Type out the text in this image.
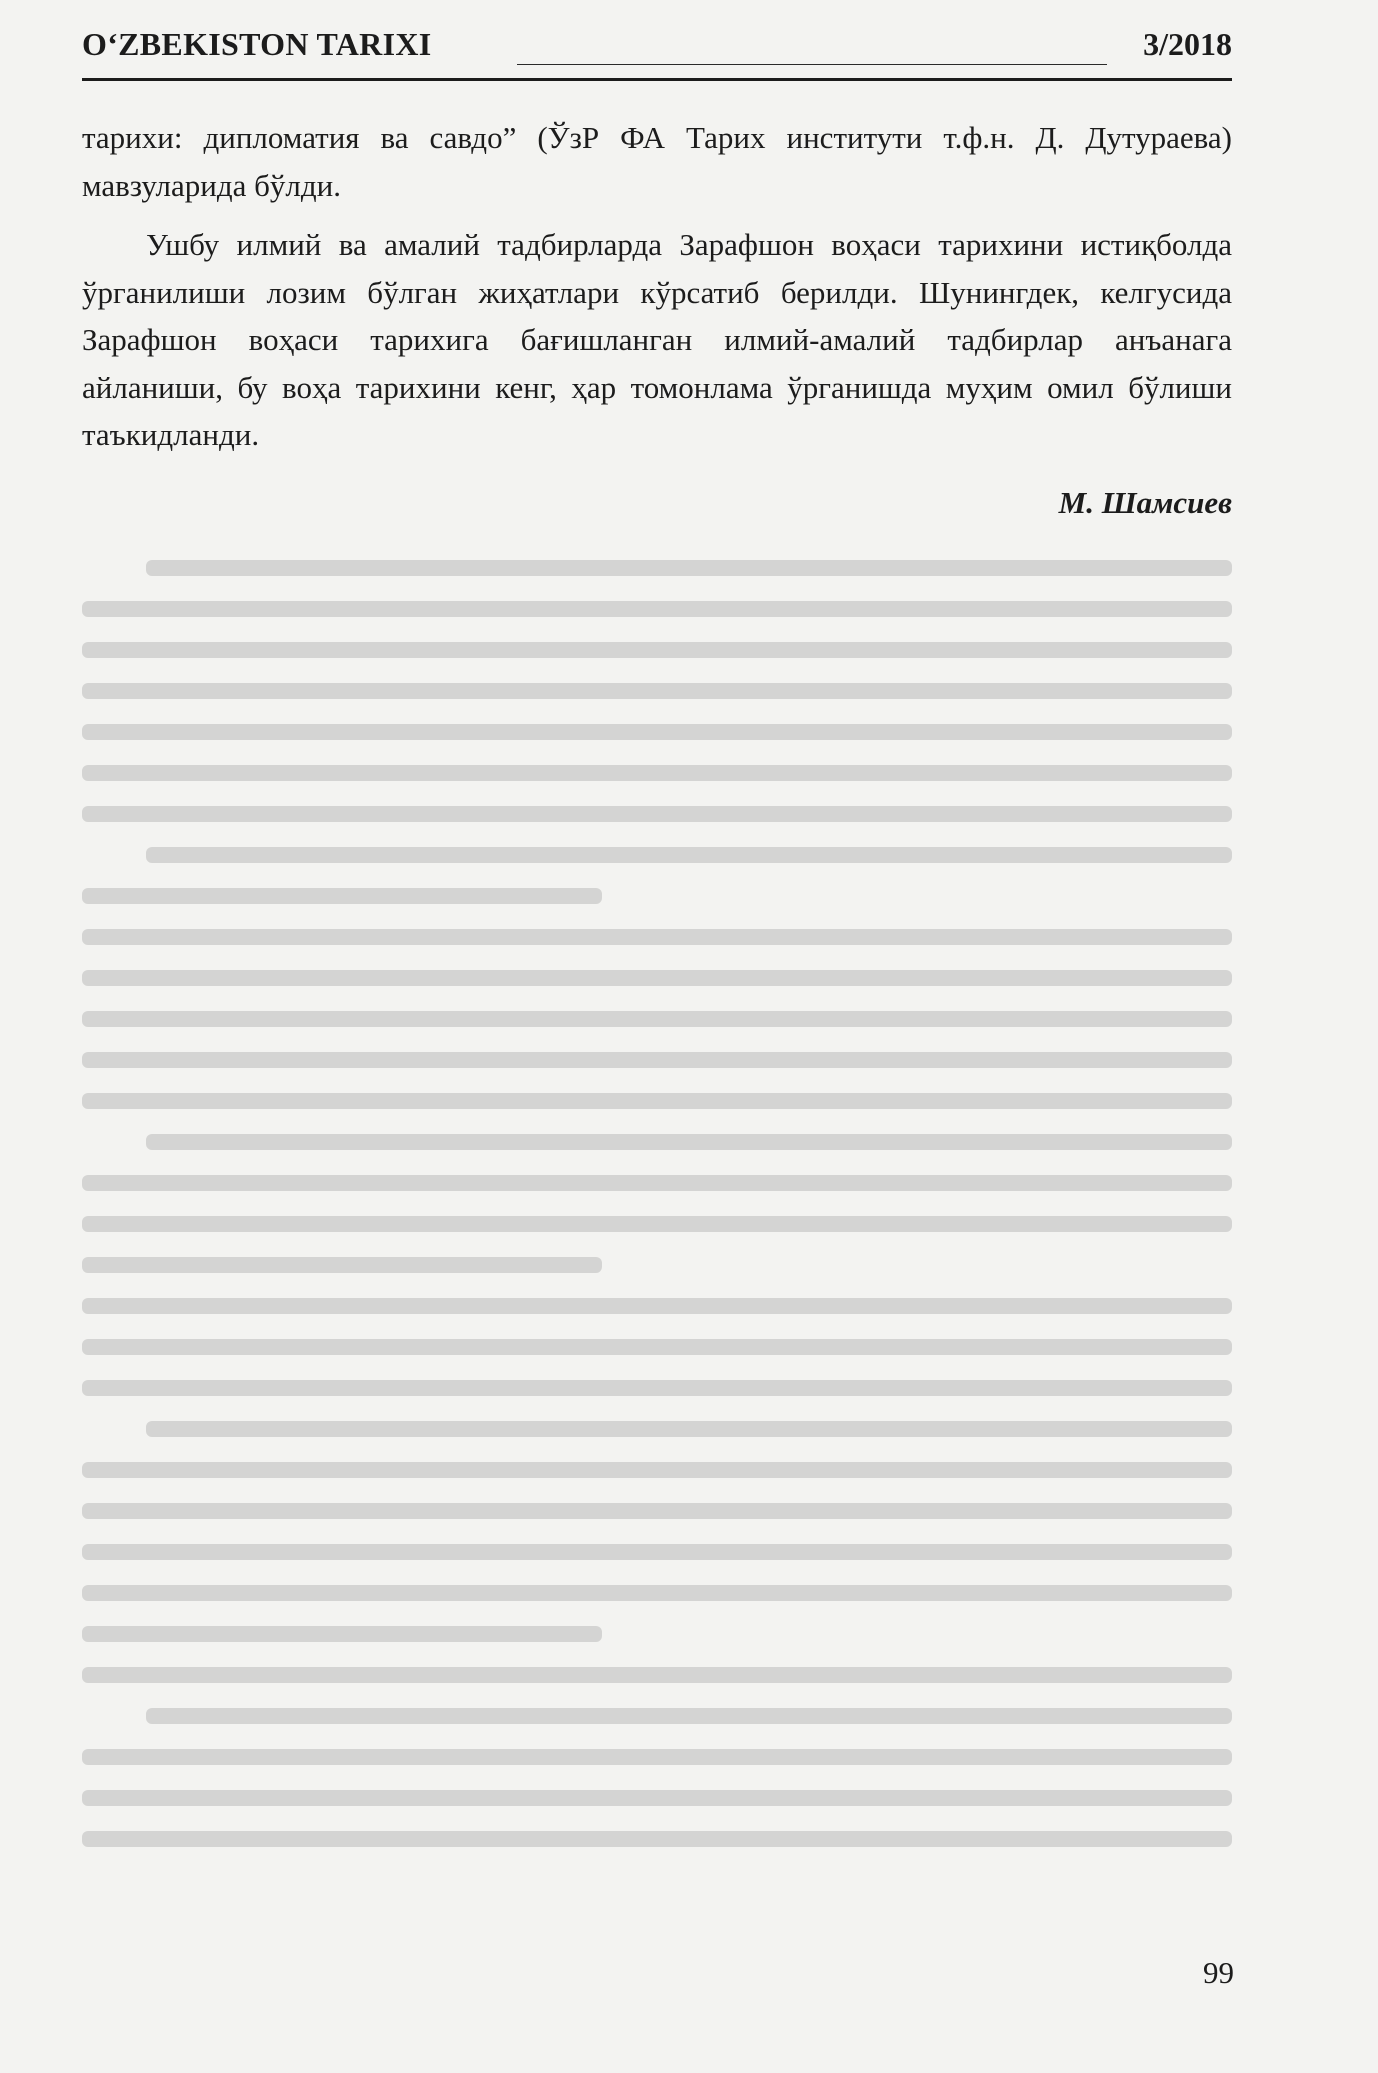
O‘ZBEKISTON TARIXI	3/2018

тарихи: дипломатия ва савдо” (ЎзР ФА Тарих институти т.ф.н. Д. Дутураева) мавзуларида бўлди.

Ушбу илмий ва амалий тадбирларда Зарафшон воҳаси тарихини истиқболда ўрганилиши лозим бўлган жиҳатлари кўрсатиб берилди. Шунингдек, келгусида Зарафшон воҳаси тарихига бағишланган илмий-амалий тадбирлар анъанага айланиши, бу воҳа тарихини кенг, ҳар томонлама ўрганишда муҳим омил бўлиши таъкидланди.

М. Шамсиев
99
